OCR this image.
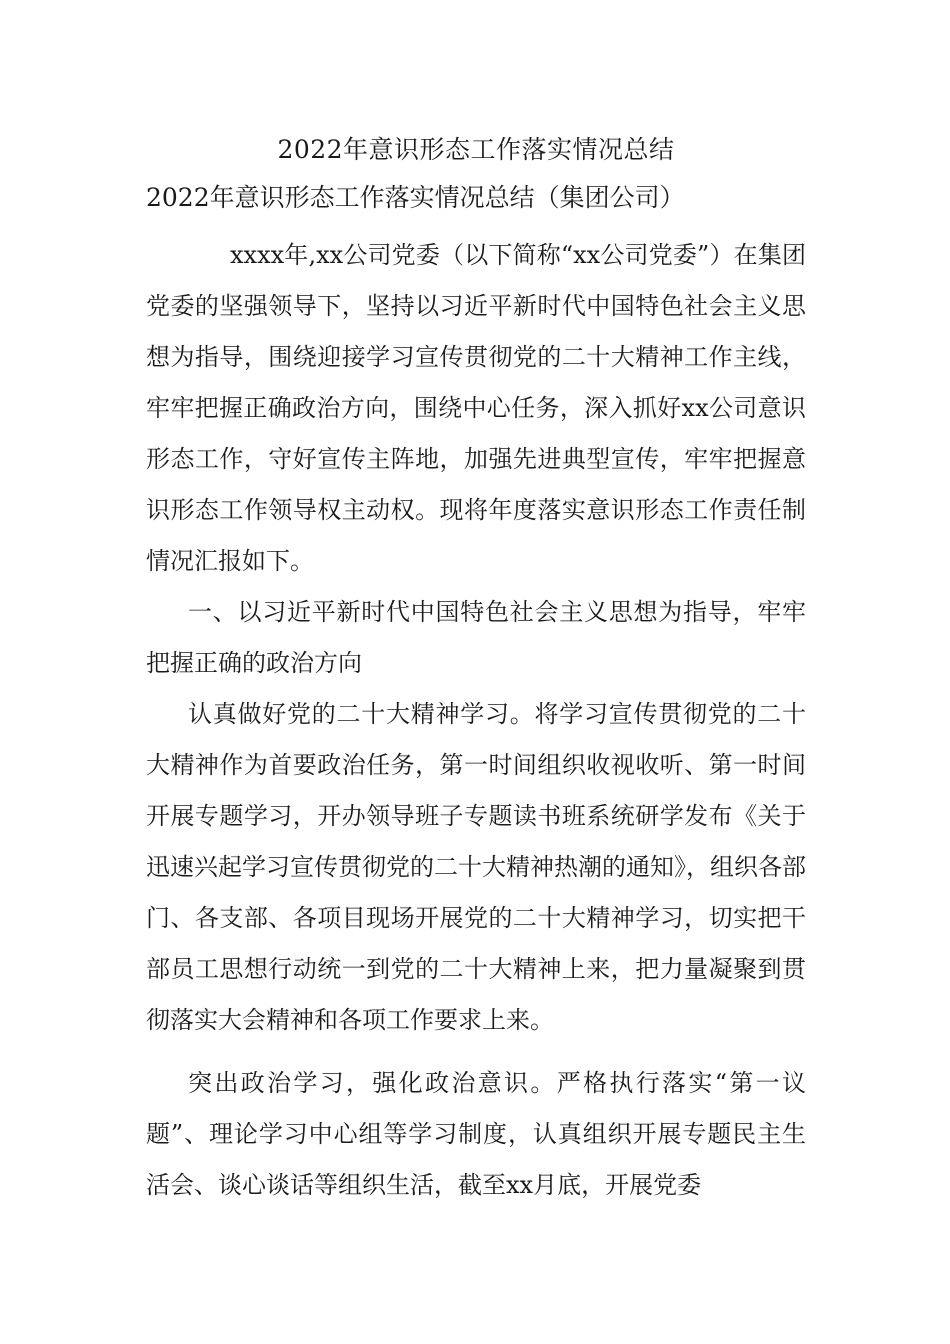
2022年意识形态工作落实情况总结
2022年意识形态工作落实情况总结（集团公司）

xxxx年,xx公司党委（以下简称“xx公司党委”）在集团党委的坚强领导下，坚持以习近平新时代中国特色社会主义思想为指导，围绕迎接学习宣传贯彻党的二十大精神工作主线，牢牢把握正确政治方向，围绕中心任务，深入抓好xx公司意识形态工作，守好宣传主阵地，加强先进典型宣传，牢牢把握意识形态工作领导权主动权。现将年度落实意识形态工作责任制情况汇报如下。

一、以习近平新时代中国特色社会主义思想为指导，牢牢把握正确的政治方向

认真做好党的二十大精神学习。将学习宣传贯彻党的二十大精神作为首要政治任务，第一时间组织收视收听、第一时间开展专题学习，开办领导班子专题读书班系统研学发布《关于迅速兴起学习宣传贯彻党的二十大精神热潮的通知》，组织各部门、各支部、各项目现场开展党的二十大精神学习，切实把干部员工思想行动统一到党的二十大精神上来，把力量凝聚到贯彻落实大会精神和各项工作要求上来。

突出政治学习，强化政治意识。严格执行落实“第一议题”、理论学习中心组等学习制度，认真组织开展专题民主生活会、谈心谈话等组织生活，截至xx月底，开展党委
